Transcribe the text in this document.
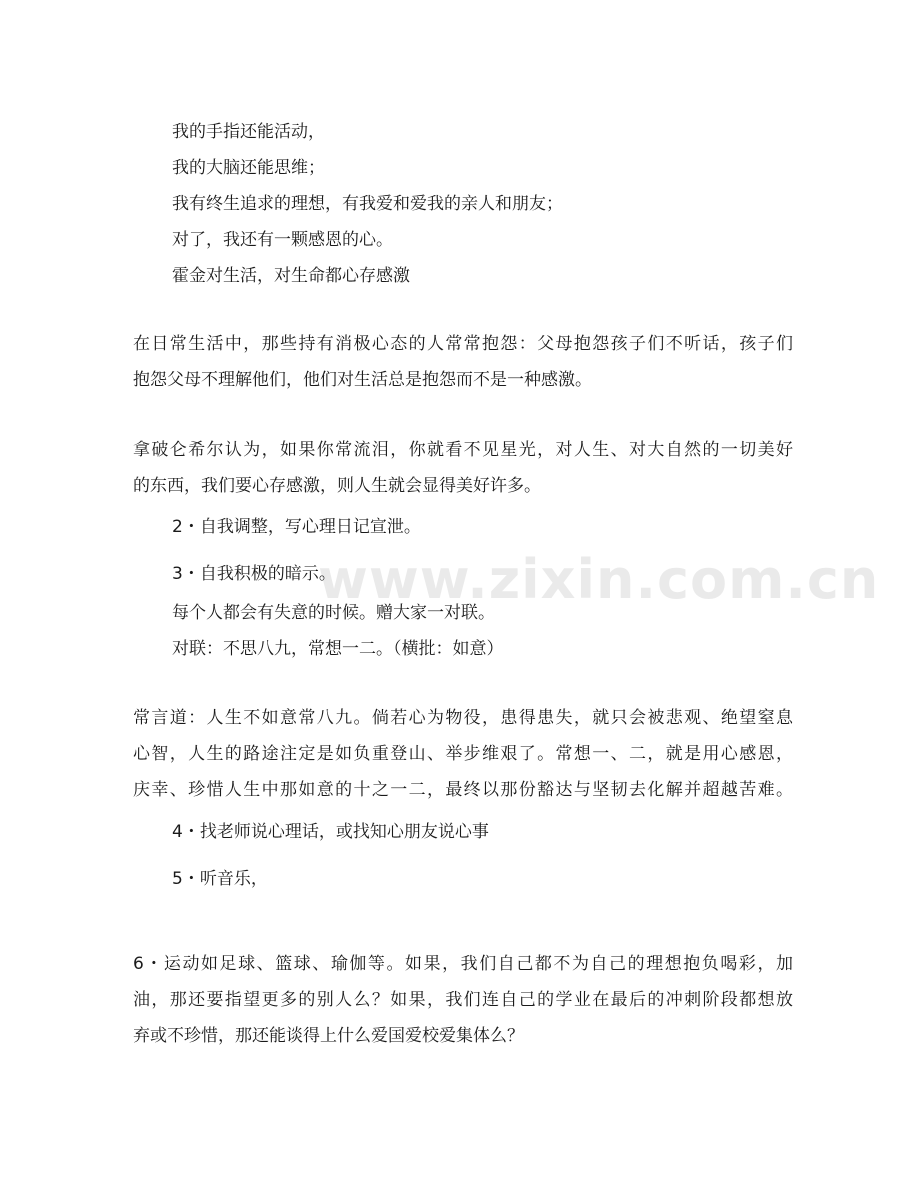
www.zixin.com.cn
我的手指还能活动，
我的大脑还能思维；
我有终生追求的理想，有我爱和爱我的亲人和朋友；
对了，我还有一颗感恩的心。
霍金对生活，对生命都心存感激
在日常生活中，那些持有消极心态的人常常抱怨：父母抱怨孩子们不听话，孩子们
抱怨父母不理解他们，他们对生活总是抱怨而不是一种感激。
拿破仑希尔认为，如果你常流泪，你就看不见星光，对人生、对大自然的一切美好
的东西，我们要心存感激，则人生就会显得美好许多。
2・自我调整，写心理日记宣泄。
3・自我积极的暗示。
每个人都会有失意的时候。赠大家一对联。
对联：不思八九，常想一二。（横批：如意）
常言道：人生不如意常八九。倘若心为物役，患得患失，就只会被悲观、绝望窒息
心智，人生的路途注定是如负重登山、举步维艰了。常想一、二，就是用心感恩，
庆幸、珍惜人生中那如意的十之一二，最终以那份豁达与坚韧去化解并超越苦难。
4・找老师说心理话，或找知心朋友说心事
5・听音乐，
6・运动如足球、篮球、瑜伽等。如果，我们自己都不为自己的理想抱负喝彩，加
油，那还要指望更多的别人么？如果，我们连自己的学业在最后的冲刺阶段都想放
弃或不珍惜，那还能谈得上什么爱国爱校爱集体么？
